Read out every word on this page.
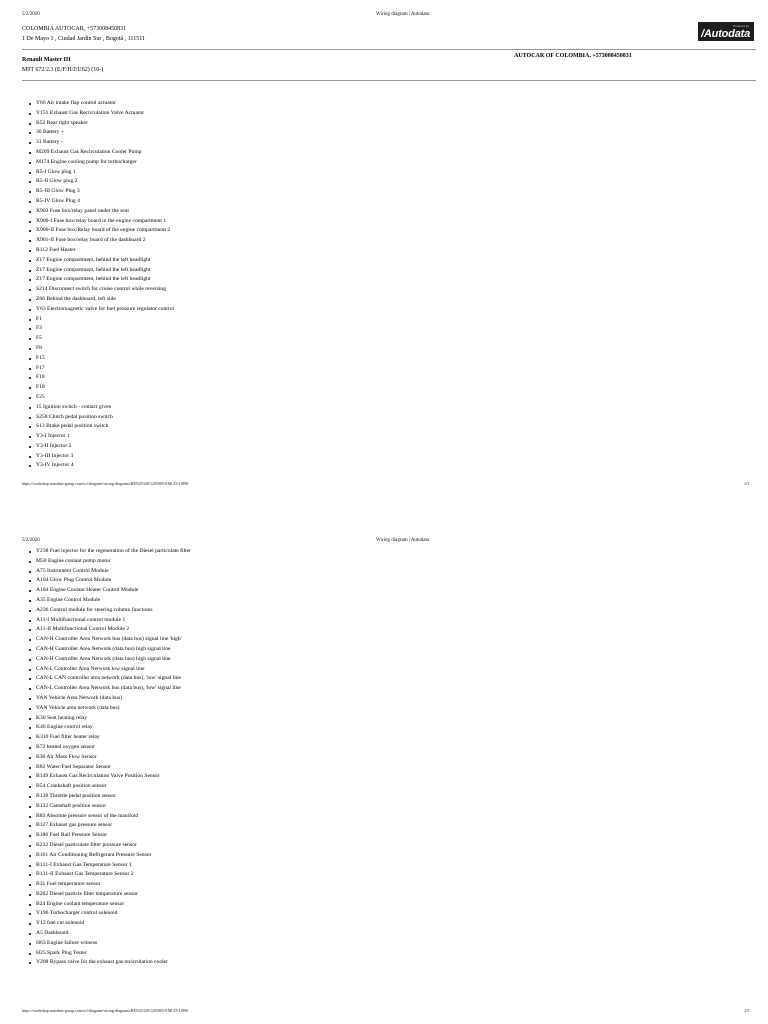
5/2/2020	Wiring diagram | Autodata
COLOMBIA AUTOCAR, +573008450831
1 De Mayo 1 , Ciudad Jardin Sur , Bogotá , 111511
Powered by
/Autodata
Renault Master III
M9T 672/2.3 (E/F/H/J/U62) (10-)
AUTOCAR OF COLOMBIA, +573008450831
Y66 Air intake flap control actuator
Y151 Exhaust Gas Recirculation Valve Actuator
B52 Rear right speaker
30 Battery +
31 Battery -
M209 Exhaust Gas Recirculation Cooler Pump
M174 Engine cooling pump for turbocharger
R5-I Glow plug 1
R5-II Glow plug 2
R5-III Glow Plug 3
R5-IV Glow Plug 4
X903 Fuse box/relay panel under the seat
X900-I Fuse box/relay board in the engine compartment 1
X900-II Fuse box/Relay board of the engine compartment 2
X901-II Fuse box/relay board of the dashboard 2
R112 Fuel Heater
Z17 Engine compartment, behind the left headlight
Z17 Engine compartment, behind the left headlight
Z17 Engine compartment, behind the left headlight
S214 Disconnect switch for cruise control while reversing
Z66 Behind the dashboard, left side
Y63 Electromagnetic valve for fuel pressure regulator control
F1
F3
F5
F8
F15
F17
F18
F18
F25
15 Ignition switch - contact given
S258 Clutch pedal position switch
S13 Brake pedal position switch
Y3-I Injector 1
Y3-II Injector 2
Y3-III Injector 3
Y3-IV Injector 4
https://workshop.autodata-group.com/w1/diagram/wiring-diagrams/REN25349/1205005-EMCD-21890	1/3
5/2/2020	Wiring diagram | Autodata
Y238 Fuel injector for the regeneration of the Diesel particulate filter
M50 Engine coolant pump motor
A75 Instrument Control Module
A104 Glow Plug Control Module
A184 Engine Coolant Heater Control Module
A35 Engine Control Module
A236 Control module for steering column functions
A11-I Multifunctional control module 1
A11-II Multifunctional Control Module 2
CAN-H Controller Area Network bus (data bus) signal line 'high'
CAN-H Controller Area Network (data bus) high signal line
CAN-H Controller Area Network (data bus) high signal line
CAN-L Controller Area Network low signal line
CAN-L CAN controller area network (data bus), 'low' signal line
CAN-L Controller Area Network bus (data bus), 'low' signal line
VAN Vehicle Area Network (data bus)
VAN Vehicle area network (data bus)
K30 Seat heating relay
K46 Engine control relay
K310 Fuel filter heater relay
B72 heated oxygen sensor
B30 Air Mass Flow Sensor
B82 Water/Fuel Separator Sensor
B149 Exhaust Gas Recirculation Valve Position Sensor
B54 Crankshaft position sensor
B138 Throttle pedal position sensor
B132 Camshaft position sensor
B83 Absolute pressure sensor of the manifold
B127 Exhaust gas pressure sensor
B186 Fuel Rail Pressure Sensor
B232 Diesel particulate filter pressure sensor
B161 Air Conditioning Refrigerant Pressure Sensor
B131-I Exhaust Gas Temperature Sensor 1
B131-II Exhaust Gas Temperature Sensor 2
B31 Fuel temperature sensor
B262 Diesel particle filter temperature sensor
B24 Engine coolant temperature sensor
Y196 Turbocharger control solenoid
Y12 fuel cut solenoid
A5 Dashboard
H63 Engine failure witness
H25 Spark Plug Tester
Y208 Bypass valve for the exhaust gas recirculation cooler
https://workshop.autodata-group.com/w1/diagram/wiring-diagrams/REN25349/1205005-EMCD-21890	2/3
